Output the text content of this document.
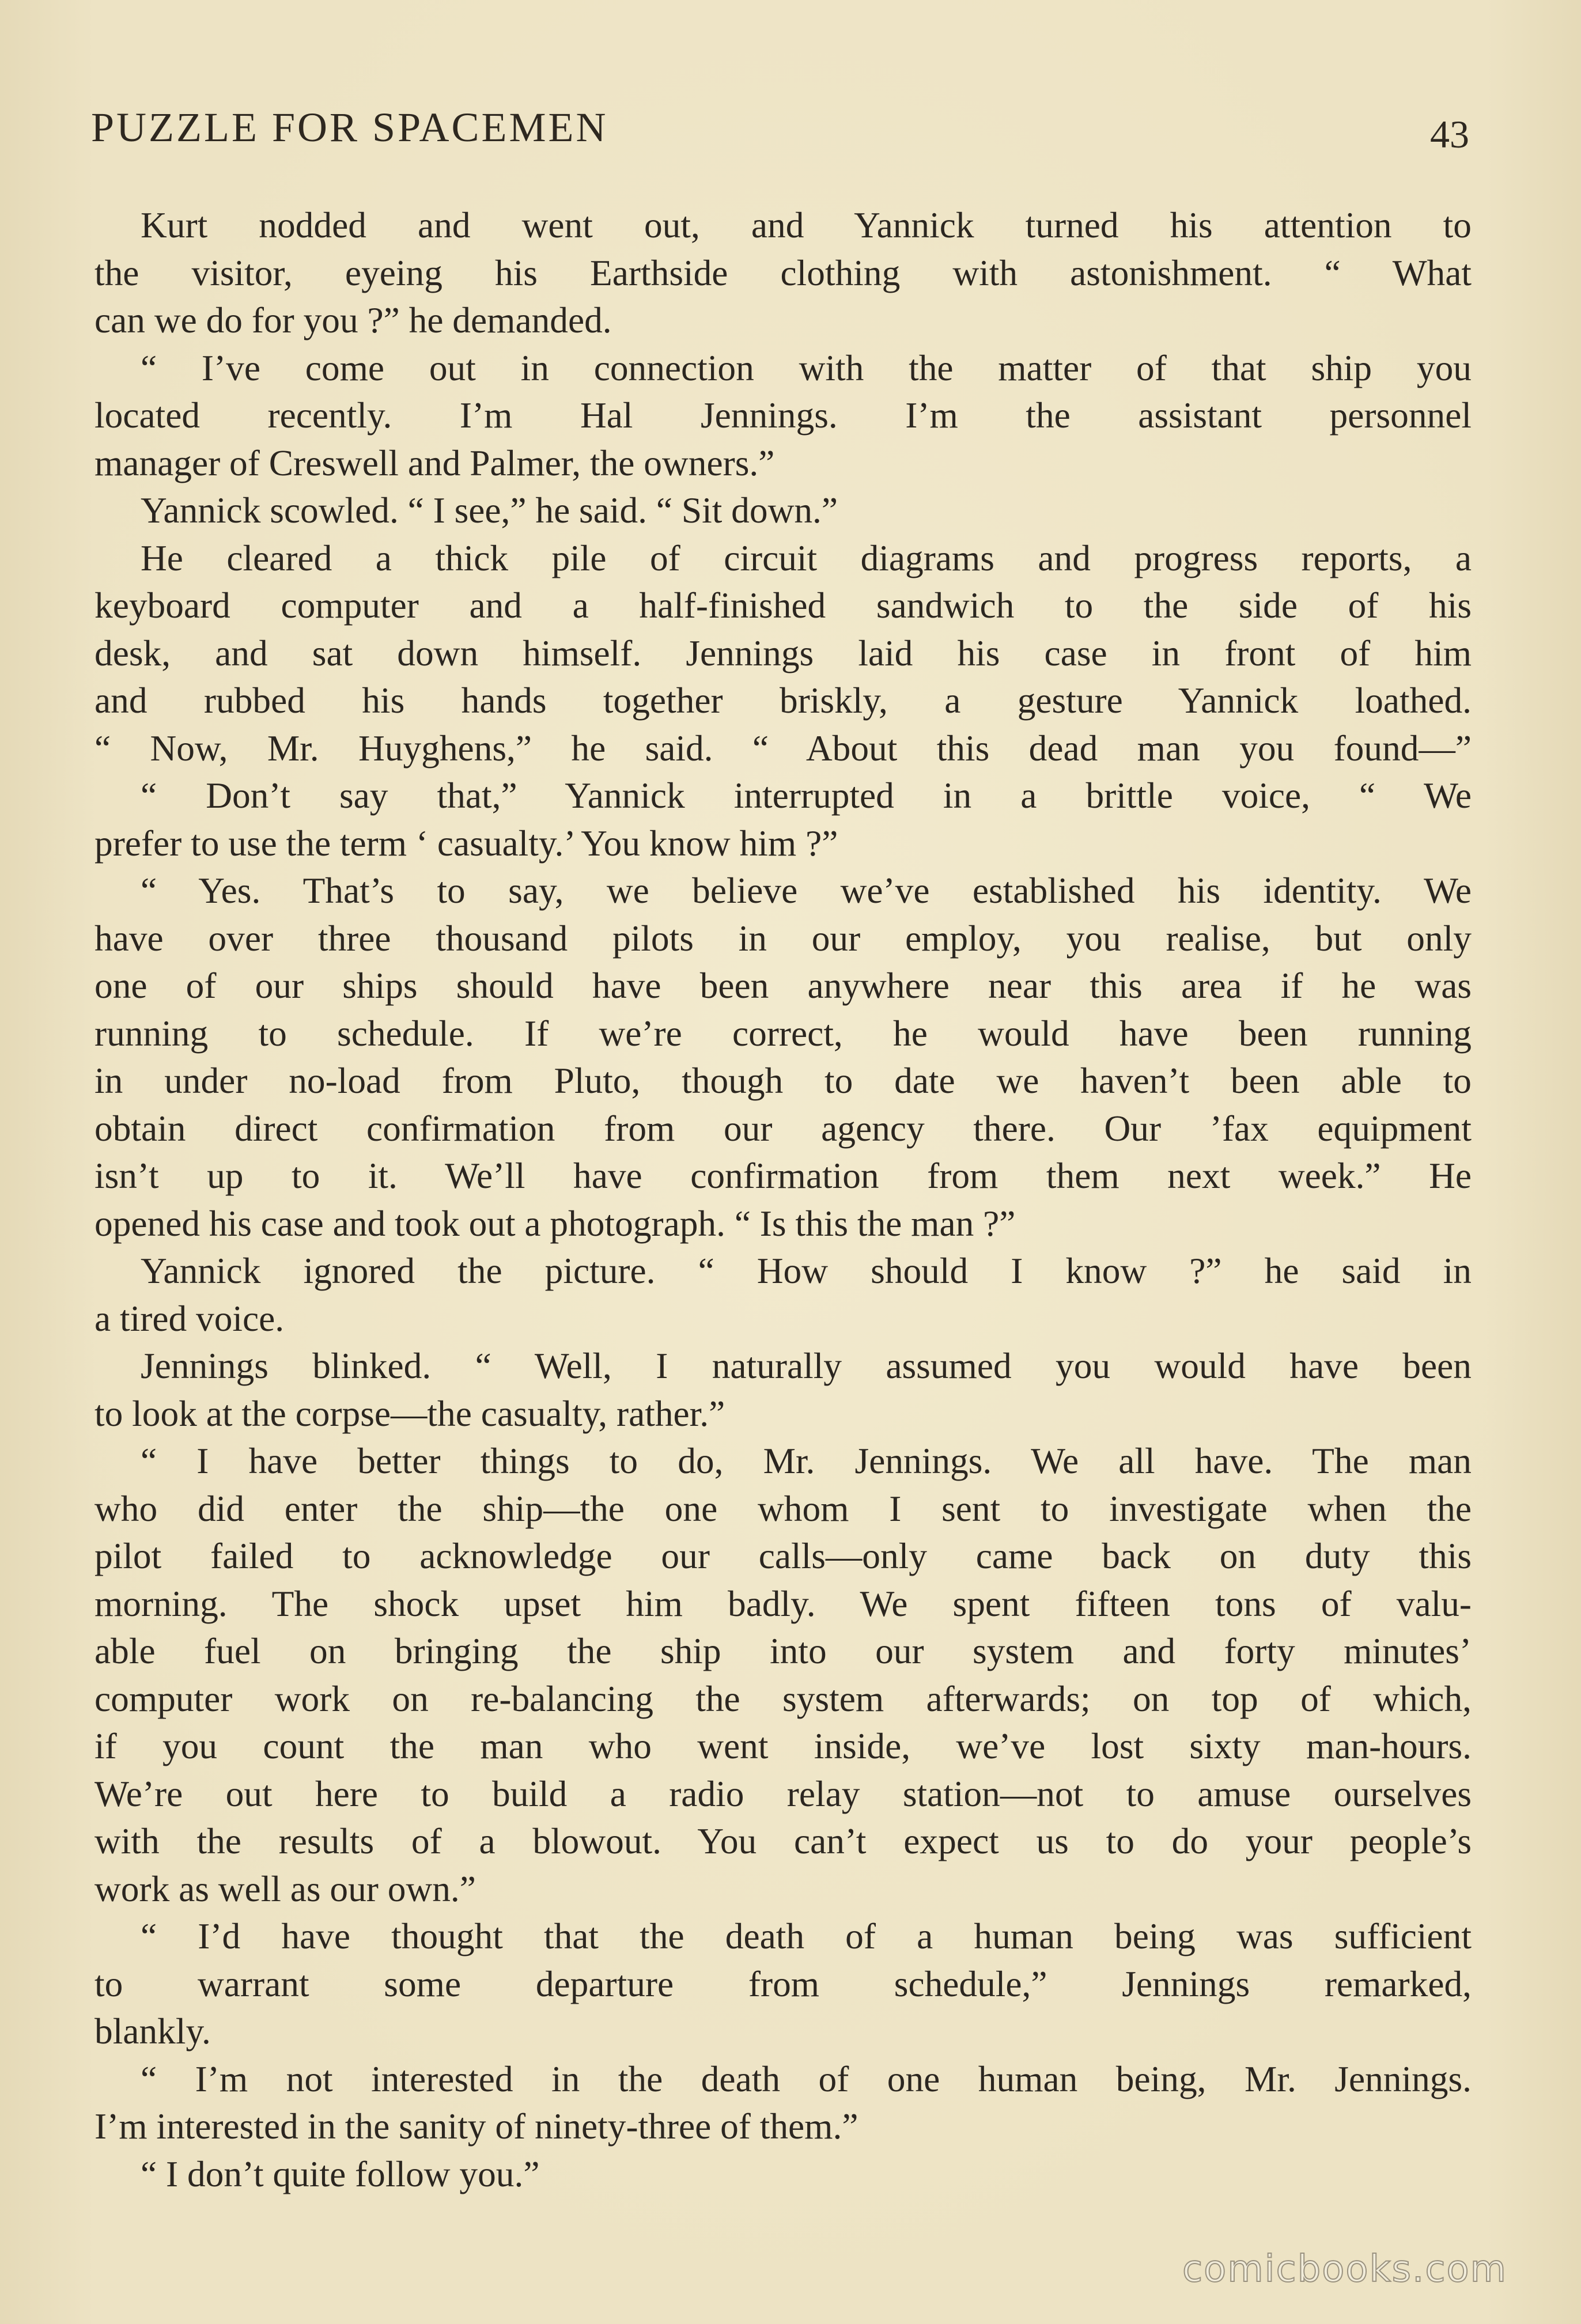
PUZZLE FOR SPACEMEN	43
Kurt nodded and went out, and Yannick turned his attention to
the visitor, eyeing his Earthside clothing with astonishment. “ What
can we do for you ?” he demanded.
“ I’ve come out in connection with the matter of that ship you
located recently. I’m Hal Jennings. I’m the assistant personnel
manager of Creswell and Palmer, the owners.”
Yannick scowled. “ I see,” he said. “ Sit down.”
He cleared a thick pile of circuit diagrams and progress reports, a
keyboard computer and a half-finished sandwich to the side of his
desk, and sat down himself. Jennings laid his case in front of him
and rubbed his hands together briskly, a gesture Yannick loathed.
“ Now, Mr. Huyghens,” he said. “ About this dead man you found—”
“ Don’t say that,” Yannick interrupted in a brittle voice, “ We
prefer to use the term ‘ casualty.’ You know him ?”
“ Yes. That’s to say, we believe we’ve established his identity. We
have over three thousand pilots in our employ, you realise, but only
one of our ships should have been anywhere near this area if he was
running to schedule. If we’re correct, he would have been running
in under no-load from Pluto, though to date we haven’t been able to
obtain direct confirmation from our agency there. Our ’fax equipment
isn’t up to it. We’ll have confirmation from them next week.” He
opened his case and took out a photograph. “ Is this the man ?”
Yannick ignored the picture. “ How should I know ?” he said in
a tired voice.
Jennings blinked. “ Well, I naturally assumed you would have been
to look at the corpse—the casualty, rather.”
“ I have better things to do, Mr. Jennings. We all have. The man
who did enter the ship—the one whom I sent to investigate when the
pilot failed to acknowledge our calls—only came back on duty this
morning. The shock upset him badly. We spent fifteen tons of valu-
able fuel on bringing the ship into our system and forty minutes’
computer work on re-balancing the system afterwards; on top of which,
if you count the man who went inside, we’ve lost sixty man-hours.
We’re out here to build a radio relay station—not to amuse ourselves
with the results of a blowout. You can’t expect us to do your people’s
work as well as our own.”
“ I’d have thought that the death of a human being was sufficient
to warrant some departure from schedule,” Jennings remarked,
blankly.
“ I’m not interested in the death of one human being, Mr. Jennings.
I’m interested in the sanity of ninety-three of them.”
“ I don’t quite follow you.”
comicbooks.com
